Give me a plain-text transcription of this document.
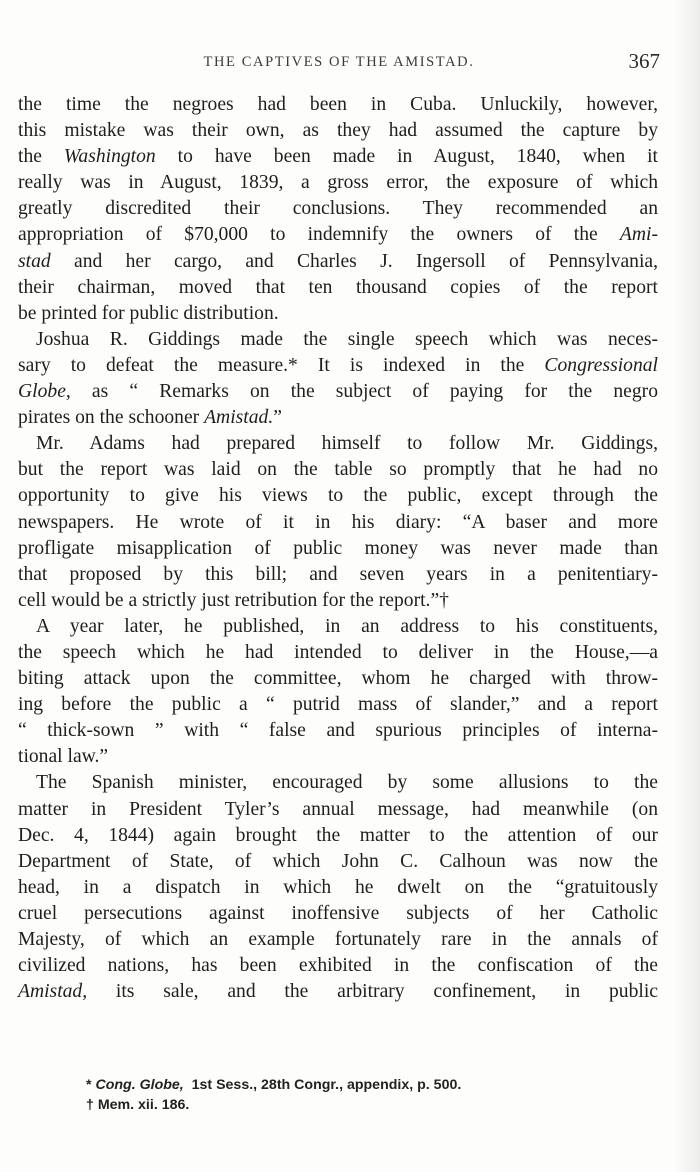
THE CAPTIVES OF THE AMISTAD.	367
the time the negroes had been in Cuba. Unluckily, however,
this mistake was their own, as they had assumed the capture by
the Washington to have been made in August, 1840, when it
really was in August, 1839, a gross error, the exposure of which
greatly discredited their conclusions. They recommended an
appropriation of $70,000 to indemnify the owners of the Ami-
stad and her cargo, and Charles J. Ingersoll of Pennsylvania,
their chairman, moved that ten thousand copies of the report
be printed for public distribution.
Joshua R. Giddings made the single speech which was neces-
sary to defeat the measure.* It is indexed in the Congressional
Globe, as “ Remarks on the subject of paying for the negro
pirates on the schooner Amistad.”
Mr. Adams had prepared himself to follow Mr. Giddings,
but the report was laid on the table so promptly that he had no
opportunity to give his views to the public, except through the
newspapers. He wrote of it in his diary: “A baser and more
profligate misapplication of public money was never made than
that proposed by this bill; and seven years in a penitentiary-
cell would be a strictly just retribution for the report.”†
A year later, he published, in an address to his constituents,
the speech which he had intended to deliver in the House,—a
biting attack upon the committee, whom he charged with throw-
ing before the public a “ putrid mass of slander,” and a report
“ thick-sown ” with “ false and spurious principles of interna-
tional law.”
The Spanish minister, encouraged by some allusions to the
matter in President Tyler’s annual message, had meanwhile (on
Dec. 4, 1844) again brought the matter to the attention of our
Department of State, of which John C. Calhoun was now the
head, in a dispatch in which he dwelt on the “gratuitously
cruel persecutions against inoffensive subjects of her Catholic
Majesty, of which an example fortunately rare in the annals of
civilized nations, has been exhibited in the confiscation of the
Amistad, its sale, and the arbitrary confinement, in public
* Cong. Globe,  1st Sess., 28th Congr., appendix, p. 500.
† Mem. xii. 186.
